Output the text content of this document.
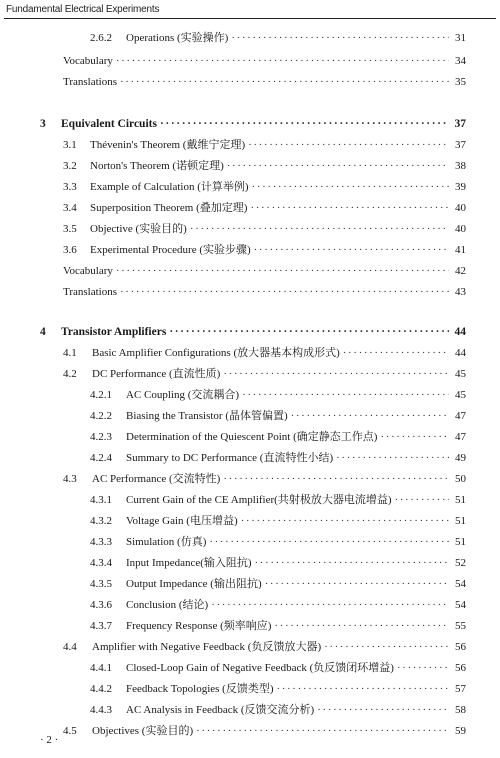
Fundamental Electrical Experiments
2.6.2	Operations (实验操作) ·····	31
Vocabulary ·····	34
Translations ·····	35
3	Equivalent Circuits ·····	37
3.1	Thévenin's Theorem (戴维宁定理) ·····	37
3.2	Norton's Theorem (诺顿定理) ·····	38
3.3	Example of Calculation (计算举例) ·····	39
3.4	Superposition Theorem (叠加定理) ·····	40
3.5	Objective (实验目的) ·····	40
3.6	Experimental Procedure (实验步骤) ·····	41
Vocabulary ·····	42
Translations ·····	43
4	Transistor Amplifiers ·····	44
4.1	Basic Amplifier Configurations (放大器基本构成形式) ·····	44
4.2	DC Performance (直流性质) ·····	45
4.2.1	AC Coupling (交流耦合) ·····	45
4.2.2	Biasing the Transistor (晶体管偏置) ·····	47
4.2.3	Determination of the Quiescent Point (确定静态工作点) ·····	47
4.2.4	Summary to DC Performance (直流特性小结) ·····	49
4.3	AC Performance (交流特性) ·····	50
4.3.1	Current Gain of the CE Amplifier(共射极放大器电流增益) ·····	51
4.3.2	Voltage Gain (电压增益) ·····	51
4.3.3	Simulation (仿真) ·····	51
4.3.4	Input Impedance(输入阻抗) ·····	52
4.3.5	Output Impedance (输出阻抗) ·····	54
4.3.6	Conclusion (结论) ·····	54
4.3.7	Frequency Response (频率响应) ·····	55
4.4	Amplifier with Negative Feedback (负反馈放大器) ·····	56
4.4.1	Closed-Loop Gain of Negative Feedback (负反馈闭环增益) ·····	56
4.4.2	Feedback Topologies (反馈类型) ·····	57
4.4.3	AC Analysis in Feedback (反馈交流分析) ·····	58
4.5	Objectives (实验目的) ·····	59
· 2 ·
